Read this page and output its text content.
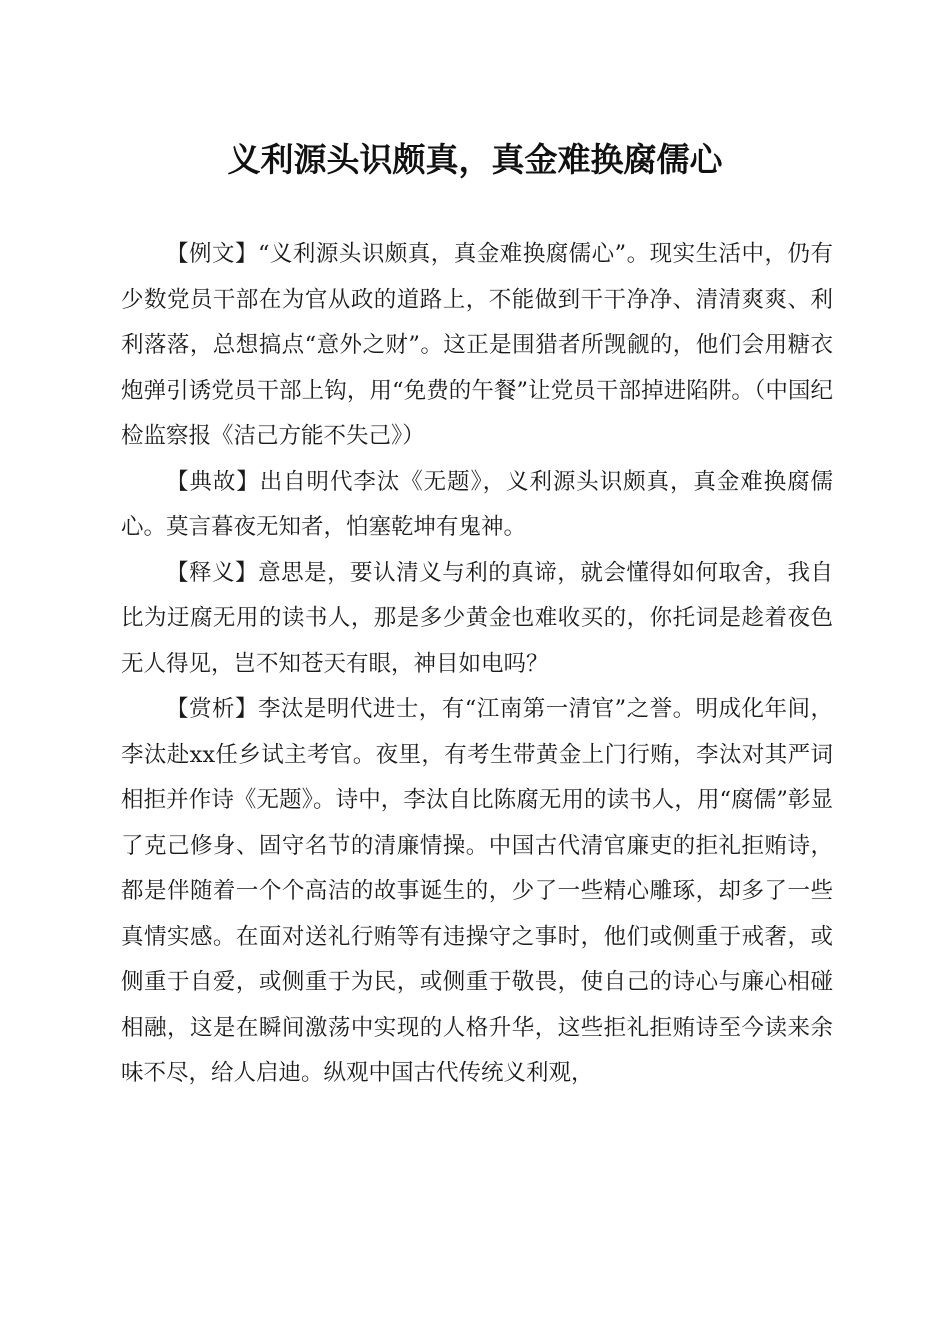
义利源头识颇真，真金难换腐儒心

【例文】“义利源头识颇真，真金难换腐儒心”。现实生活中，仍有少数党员干部在为官从政的道路上，不能做到干干净净、清清爽爽、利利落落，总想搞点“意外之财”。这正是围猎者所觊觎的，他们会用糖衣炮弹引诱党员干部上钩，用“免费的午餐”让党员干部掉进陷阱。（中国纪检监察报《洁己方能不失己》）

【典故】出自明代李汰《无题》，义利源头识颇真，真金难换腐儒心。莫言暮夜无知者，怕塞乾坤有鬼神。

【释义】意思是，要认清义与利的真谛，就会懂得如何取舍，我自比为迂腐无用的读书人，那是多少黄金也难收买的，你托词是趁着夜色无人得见，岂不知苍天有眼，神目如电吗？

【赏析】李汰是明代进士，有“江南第一清官”之誉。明成化年间，李汰赴xx任乡试主考官。夜里，有考生带黄金上门行贿，李汰对其严词相拒并作诗《无题》。诗中，李汰自比陈腐无用的读书人，用“腐儒”彰显了克己修身、固守名节的清廉情操。中国古代清官廉吏的拒礼拒贿诗，都是伴随着一个个高洁的故事诞生的，少了一些精心雕琢，却多了一些真情实感。在面对送礼行贿等有违操守之事时，他们或侧重于戒奢，或侧重于自爱，或侧重于为民，或侧重于敬畏，使自己的诗心与廉心相碰相融，这是在瞬间激荡中实现的人格升华，这些拒礼拒贿诗至今读来余味不尽，给人启迪。纵观中国古代传统义利观，
